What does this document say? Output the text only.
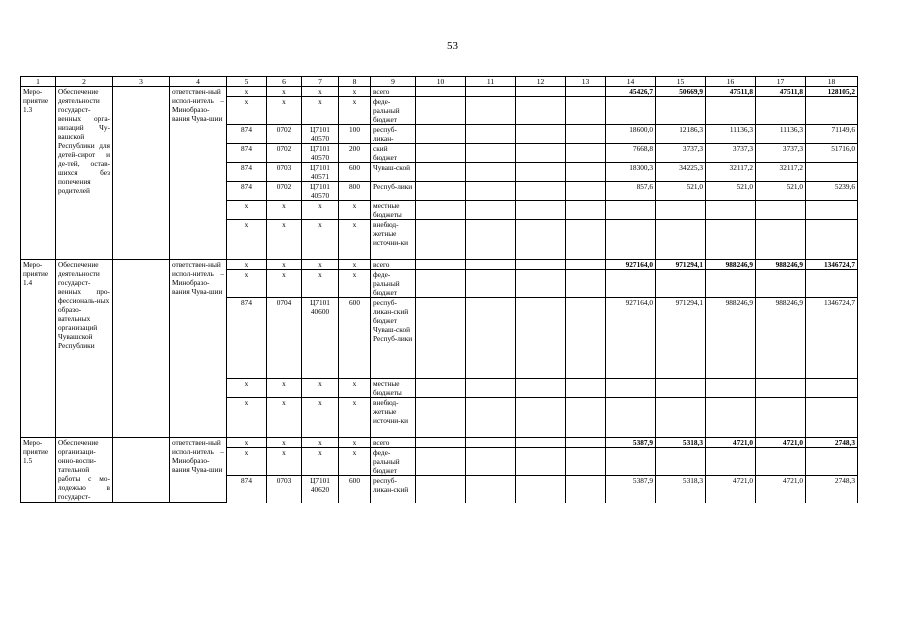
53
1	2	3	4	5	6	7	8	9	10	11	12	13	14	15	16	17	18
Меро-приятие 1.3	Обеспечение деятельности государст-венных орга-низаций Чу-вашской Республики для детей-сирот и де-тей, остав-шихся без попечения родителей		ответствен-ный испол-нитель – Минобразо-вания Чува-шии	x	x	x	x	всего					45426,7	50669,9	47511,8	47511,8	128105,2
				x	x	x	x	феде-ральный бюджет									
				874	0702	Ц7101 40570	100	респуб-ликан-					18600,0	12186,3	11136,3	11136,3	71149,6
				874	0702	Ц7101 40570	200	ский бюджет					7668,8	3737,3	3737,3	3737,3	51716,0
				874	0703	Ц7101 40571	600	Чуваш-ской					18300,3	34225,3	32117,2	32117,2	
				874	0702	Ц7101 40570	800	Респуб-лики					857,6	521,0	521,0	521,0	5239,6
				x	x	x	x	местные бюджеты									
				x	x	x	x	внебюд-жетные источни-ки									
Меро-приятие 1.4	Обеспечение деятельности государст-венных про-фессиональ-ных образо-вательных организаций Чувашской Республики		ответствен-ный испол-нитель – Минобразо-вания Чува-шии	x	x	x	x	всего					927164,0	971294,1	988246,9	988246,9	1346724,7
				x	x	x	x	феде-ральный бюджет									
				874	0704	Ц7101 40600	600	респуб-ликан-ский бюджет Чуваш-ской Респуб-лики					927164,0	971294,1	988246,9	988246,9	1346724,7
				x	x	x	x	местные бюджеты									
				x	x	x	x	внебюд-жетные источни-ки									
Меро-приятие 1.5	Обеспечение организаци-онно-воспи-тательной работы с мо-лодежью в государст-		ответствен-ный испол-нитель – Минобразо-вания Чува-шии	x	x	x	x	всего					5387,9	5318,3	4721,0	4721,0	2748,3
				x	x	x	x	феде-ральный бюджет									
				874	0703	Ц7101 40620	600	респуб-ликан-ский					5387,9	5318,3	4721,0	4721,0	2748,3
